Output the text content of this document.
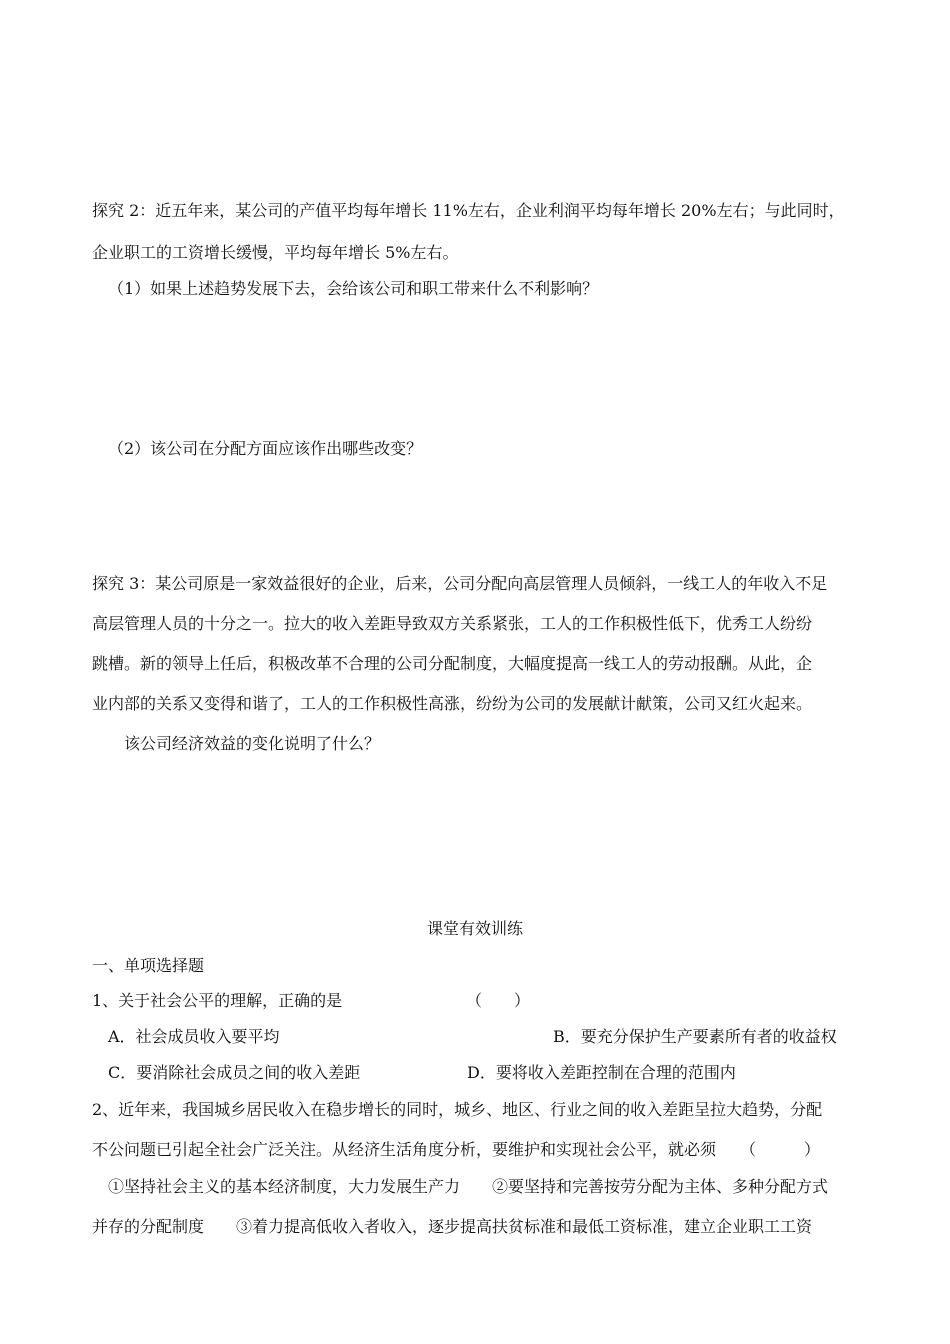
探究 2：近五年来，某公司的产值平均每年增长 11%左右，企业利润平均每年增长 20%左右；与此同时，
企业职工的工资增长缓慢，平均每年增长 5%左右。
（1）如果上述趋势发展下去，会给该公司和职工带来什么不利影响？
（2）该公司在分配方面应该作出哪些改变？
探究 3：某公司原是一家效益很好的企业，后来，公司分配向高层管理人员倾斜，一线工人的年收入不足
高层管理人员的十分之一。拉大的收入差距导致双方关系紧张，工人的工作积极性低下，优秀工人纷纷
跳槽。新的领导上任后，积极改革不合理的公司分配制度，大幅度提高一线工人的劳动报酬。从此，企
业内部的关系又变得和谐了，工人的工作积极性高涨，纷纷为公司的发展献计献策，公司又红火起来。
该公司经济效益的变化说明了什么？
课堂有效训练
一、单项选择题
1、关于社会公平的理解，正确的是	（　　）
A．社会成员收入要平均	B．要充分保护生产要素所有者的收益权
C．要消除社会成员之间的收入差距	D．要将收入差距控制在合理的范围内
2、近年来，我国城乡居民收入在稳步增长的同时，城乡、地区、行业之间的收入差距呈拉大趋势，分配
不公问题已引起全社会广泛关注。从经济生活角度分析，要维护和实现社会公平，就必须　　（　　　）
①坚持社会主义的基本经济制度，大力发展生产力　　②要坚持和完善按劳分配为主体、多种分配方式
并存的分配制度　　③着力提高低收入者收入，逐步提高扶贫标准和最低工资标准，建立企业职工工资
